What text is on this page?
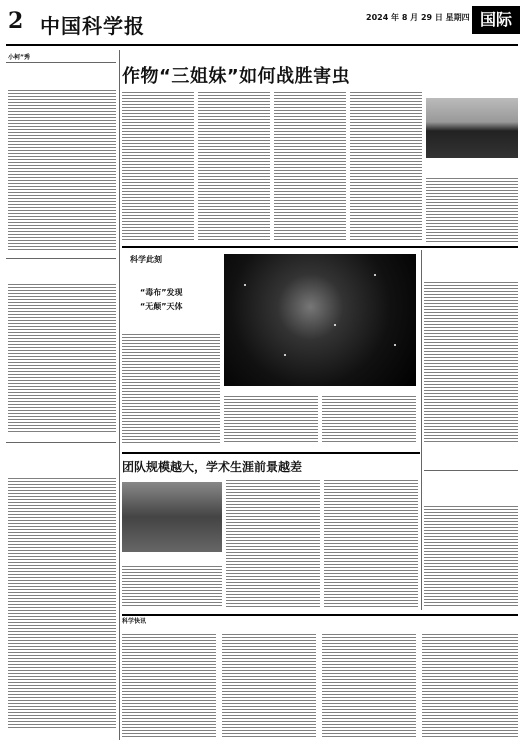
2 中国科学报	2024 年 8 月 29 日 星期四 国际
小柯”秀
作物“三姐妹”如何战胜害虫
科学此刻
“毒布”发现
“无颠”天体
团队规模越大，学术生涯前景越差
科学快讯
